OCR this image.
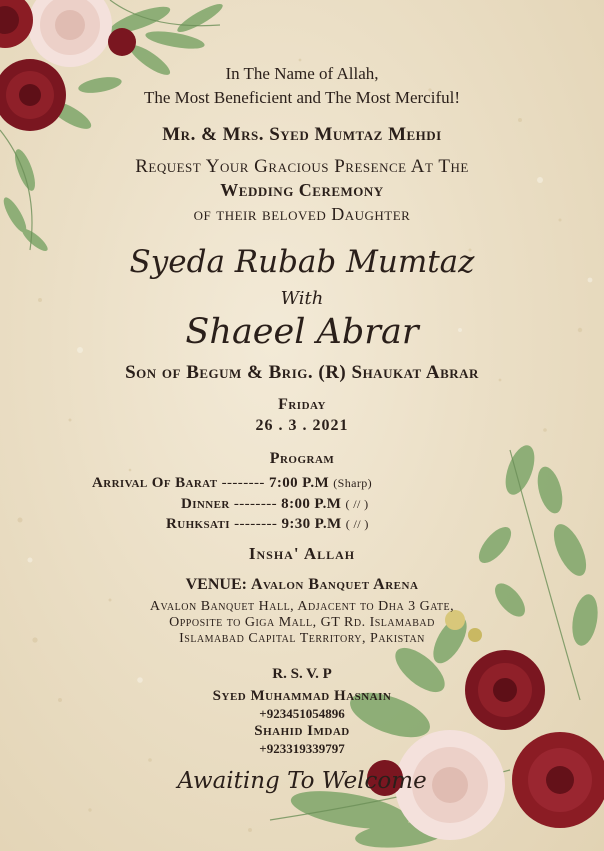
In The Name of Allah,
The Most Beneficient and The Most Merciful!
Mr. & Mrs. Syed Mumtaz Mehdi
Request Your Gracious Presence At The
Wedding Ceremony
of their beloved Daughter
Syeda Rubab Mumtaz
With
Shaeel Abrar
Son of Begum & Brig. (R) Shaukat Abrar
Friday
26 . 3 . 2021
Program
Arrival Of Barat -------- 7:00 P.M (Sharp)
Dinner -------- 8:00 P.M ( // )
Ruhksati -------- 9:30 P.M ( // )
Insha' Allah
VENUE: Avalon Banquet Arena
Avalon Banquet Hall, Adjacent to Dha 3 Gate,
Opposite to Giga Mall, GT Rd. Islamabad
Islamabad Capital Territory, Pakistan
R. S. V. P
Syed Muhammad Hasnain
+923451054896
Shahid Imdad
+923319339797
Awaiting To Welcome
